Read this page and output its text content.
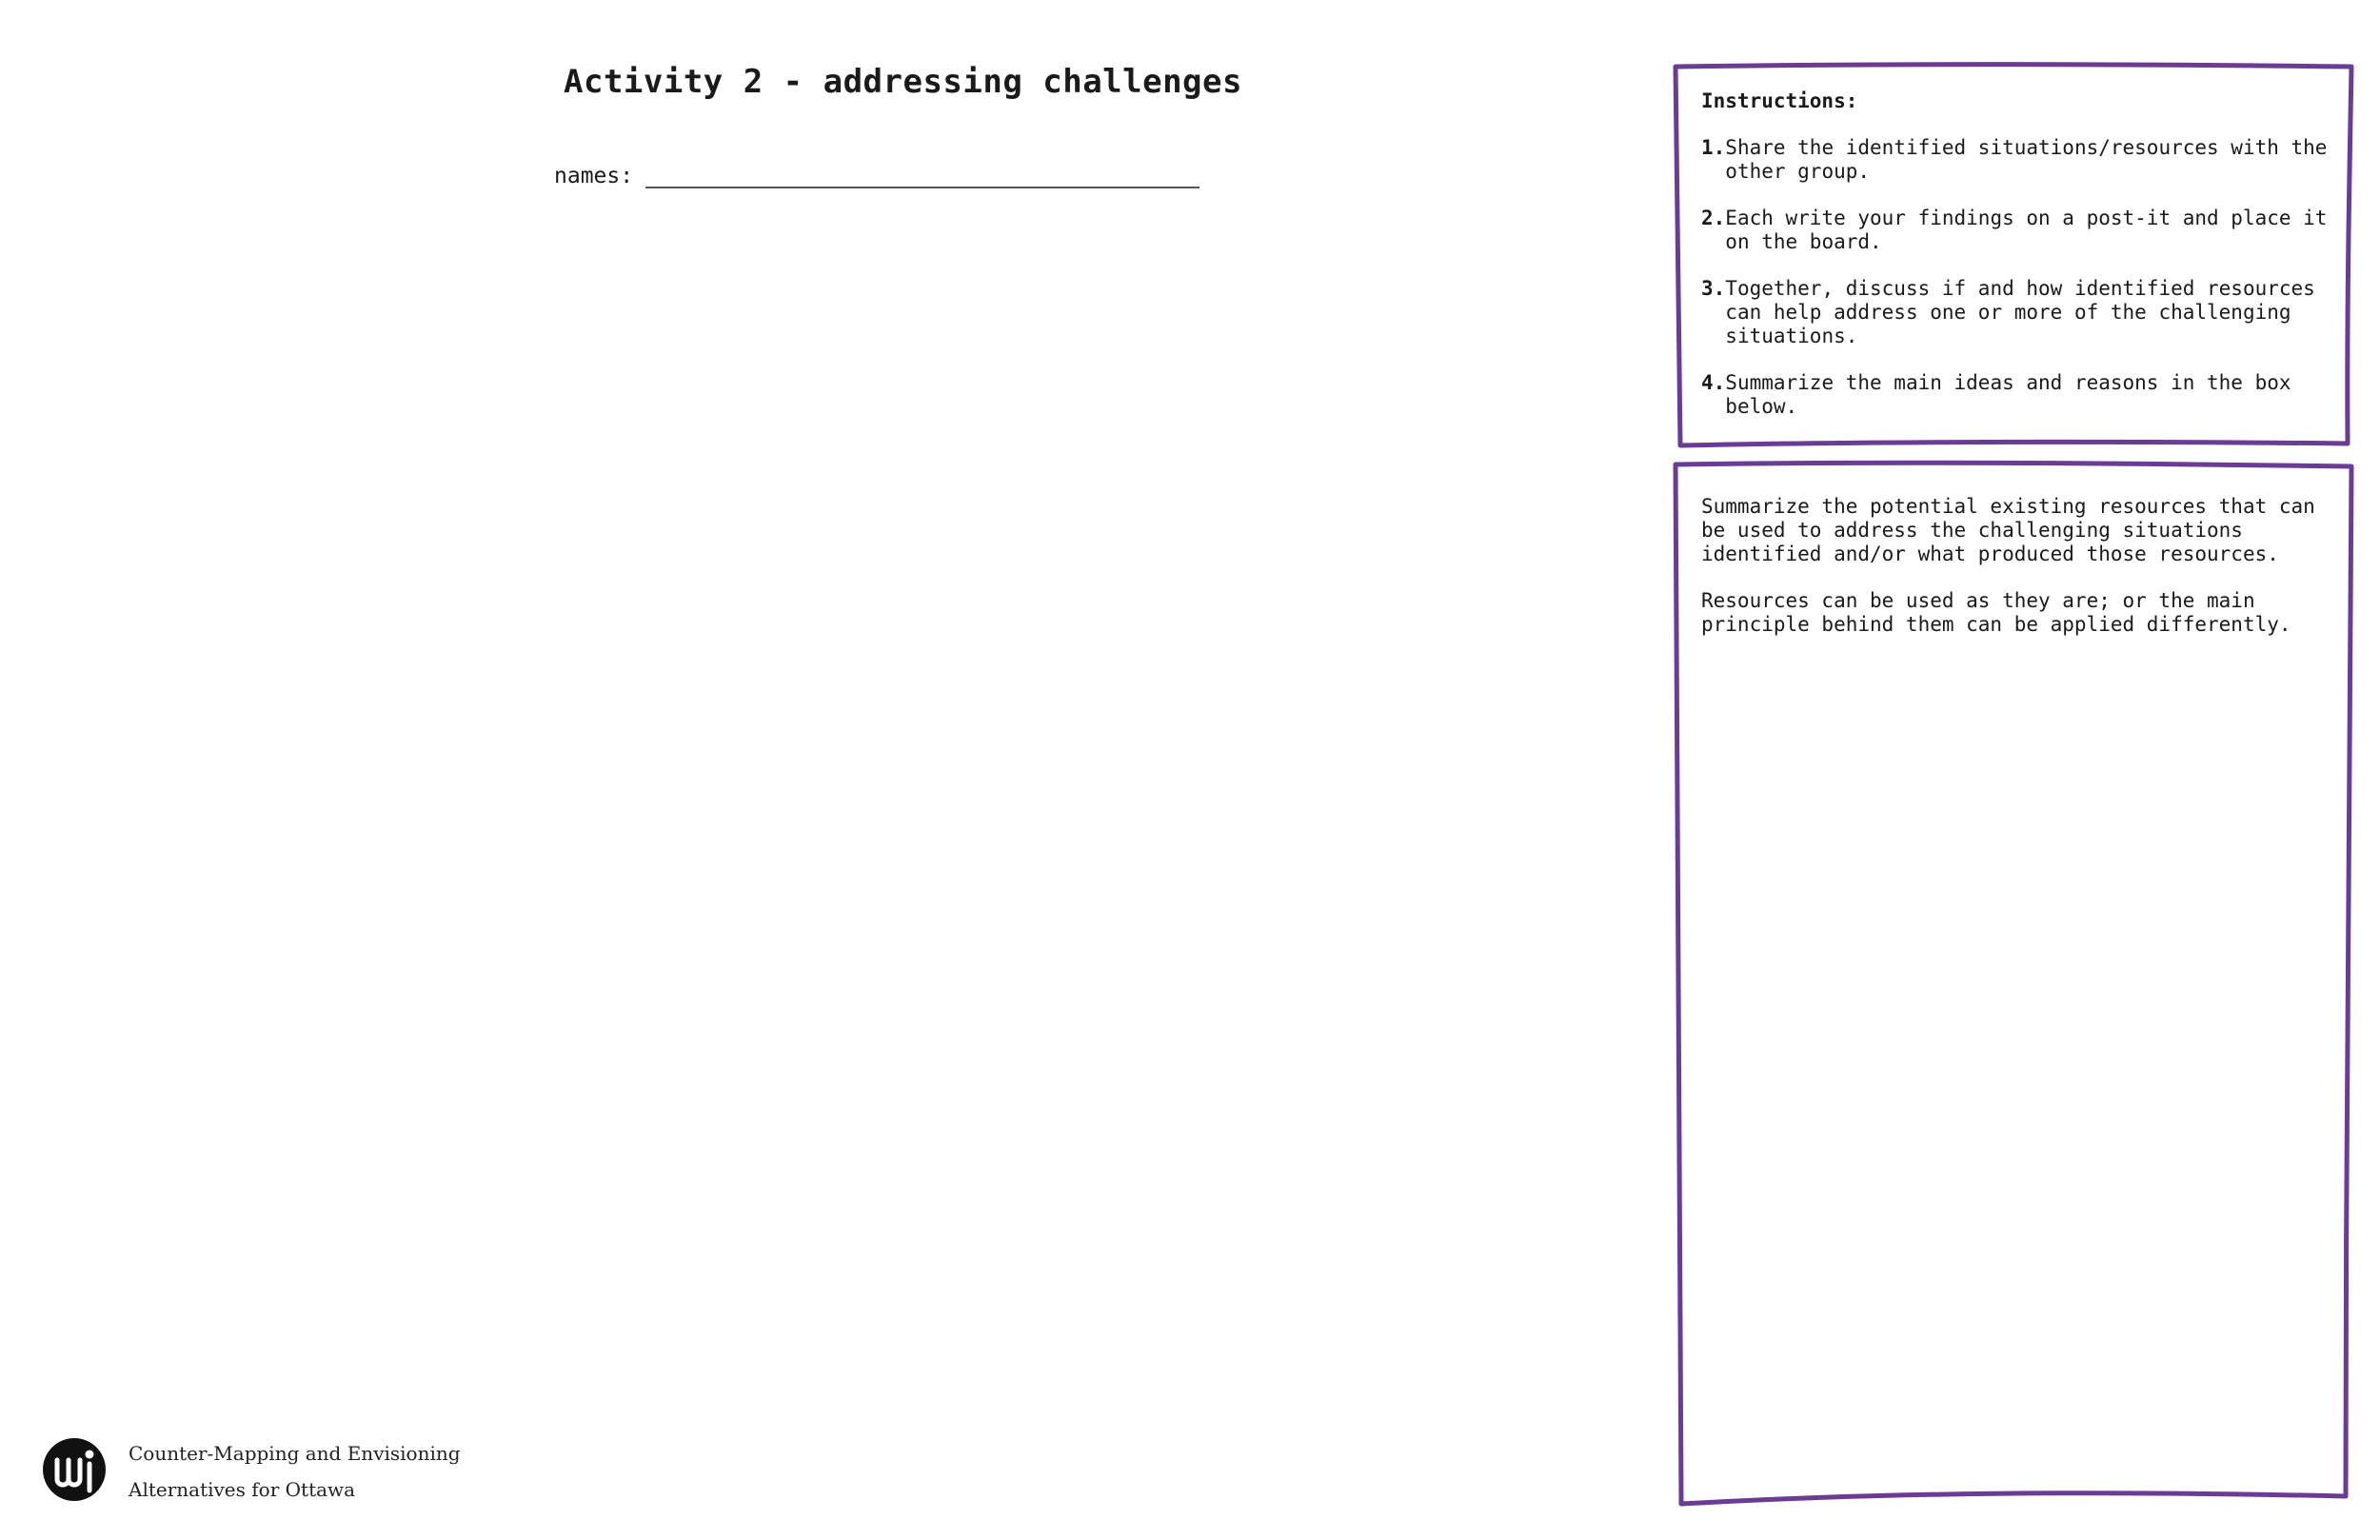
Activity 2 - addressing challenges
names:
Instructions:
1. Share the identified situations/resources with the
other group.
2. Each write your findings on a post-it and place it
on the board.
3. Together, discuss if and how identified resources
can help address one or more of the challenging
situations.
4. Summarize the main ideas and reasons in the box
below.

Summarize the potential existing resources that can be used to address the challenging situations identified and/or what produced those resources.

Resources can be used as they are; or the main principle behind them can be applied differently.

Counter-Mapping and Envisioning
Alternatives for Ottawa
